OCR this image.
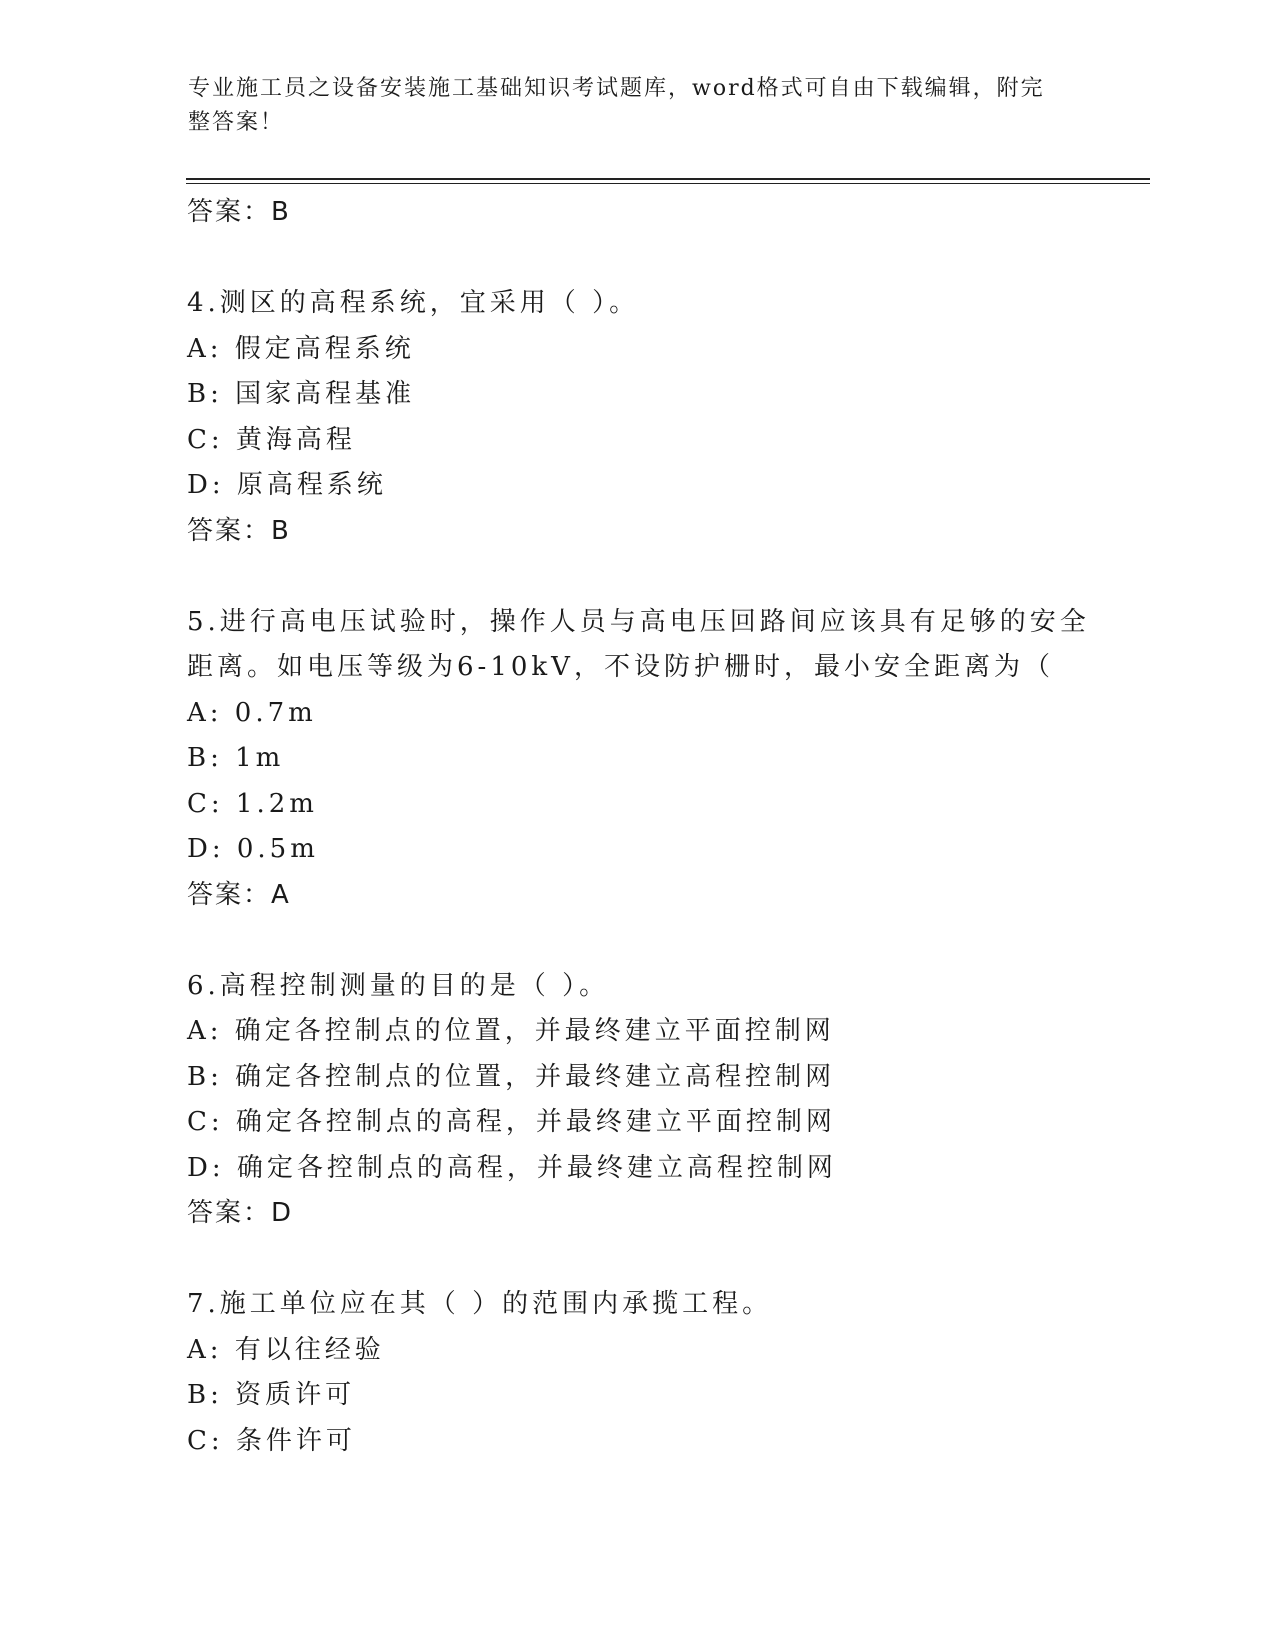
专业施工员之设备安装施工基础知识考试题库，word格式可自由下载编辑，附完整答案！
答案：B
4.测区的高程系统，宜采用（ ）。
A: 假定高程系统
B: 国家高程基准
C: 黄海高程
D: 原高程系统
答案：B
5.进行高电压试验时，操作人员与高电压回路间应该具有足够的安全
距离。如电压等级为6-10kV，不设防护栅时，最小安全距离为（
A: 0.7m
B: 1m
C: 1.2m
D: 0.5m
答案：A
6.高程控制测量的目的是（ ）。
A: 确定各控制点的位置，并最终建立平面控制网
B: 确定各控制点的位置，并最终建立高程控制网
C: 确定各控制点的高程，并最终建立平面控制网
D: 确定各控制点的高程，并最终建立高程控制网
答案：D
7.施工单位应在其（ ）的范围内承揽工程。
A: 有以往经验
B: 资质许可
C: 条件许可
